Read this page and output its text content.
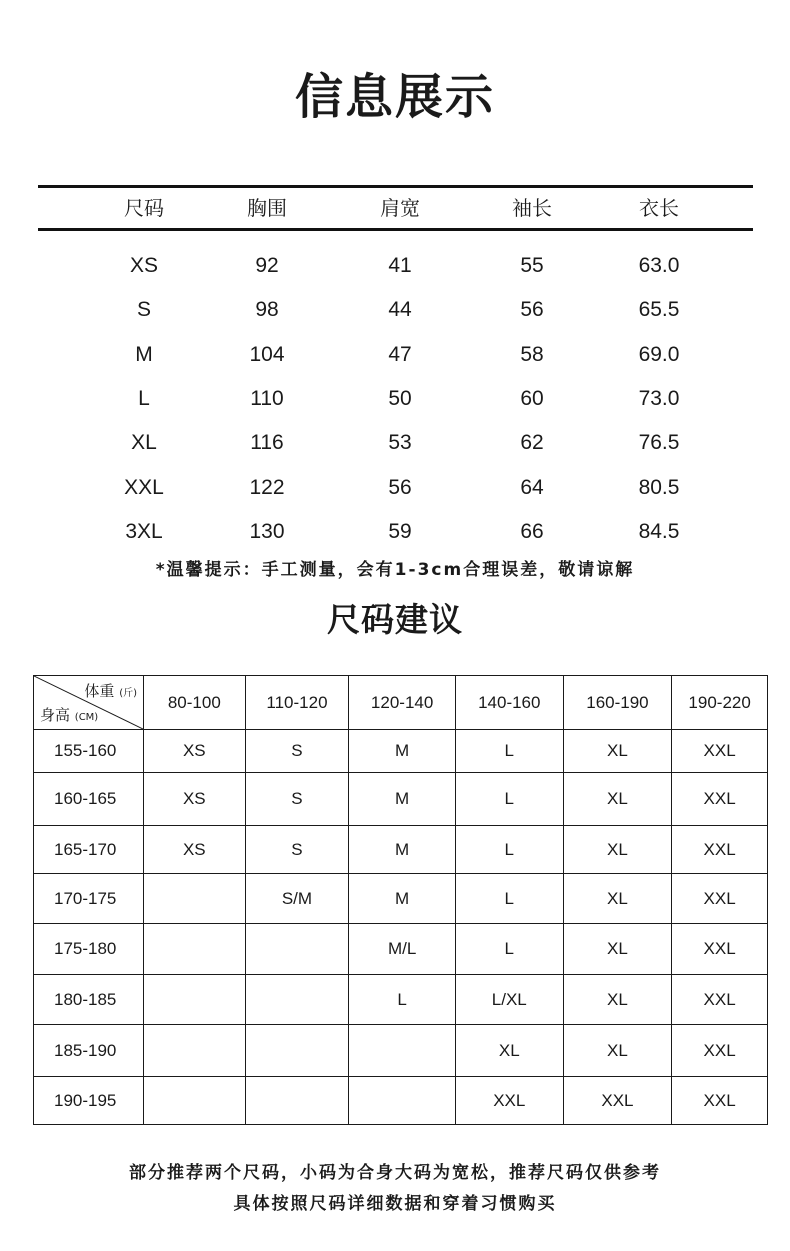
信息展示
尺码	胸围	肩宽	袖长	衣长
XS	92	41	55	63.0
S	98	44	56	65.5
M	104	47	58	69.0
L	110	50	60	73.0
XL	116	53	62	76.5
XXL	122	56	64	80.5
3XL	130	59	66	84.5
*温馨提示：手工测量，会有1-3cm合理误差，敬请谅解
尺码建议
体重 (斤)
身高 (CM)	80-100	110-120	120-140	140-160	160-190	190-220
155-160	XS	S	M	L	XL	XXL
160-165	XS	S	M	L	XL	XXL
165-170	XS	S	M	L	XL	XXL
170-175		S/M	M	L	XL	XXL
175-180			M/L	L	XL	XXL
180-185			L	L/XL	XL	XXL
185-190				XL	XL	XXL
190-195				XXL	XXL	XXL
部分推荐两个尺码，小码为合身大码为宽松，推荐尺码仅供参考
具体按照尺码详细数据和穿着习惯购买
